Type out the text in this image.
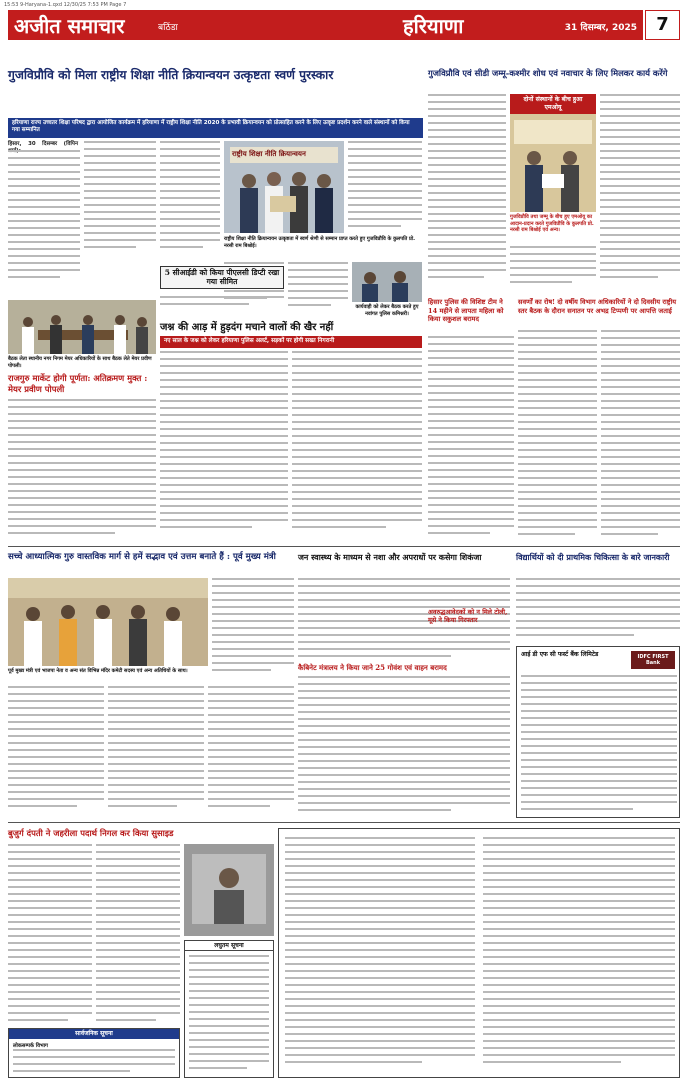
15:53 9-Haryana-1.qxd 12/30/25 7:53 PM Page 7
अजीत समाचार	बठिंडा	हरियाणा	31 दिसम्बर, 2025	7
गुजविप्रौवि को मिला राष्ट्रीय शिक्षा नीति क्रियान्वयन उत्कृष्टता स्वर्ण पुरस्कार
हरियाणा राज्य उच्चतर शिक्षा परिषद द्वारा आयोजित कार्यक्रम में हरियाणा में राष्ट्रीय शिक्षा नीति 2020 के प्रभावी क्रियान्वयन को प्रोत्साहित करने के लिए उत्कृष्ट प्रदर्शन करने वाले संस्थानों को किया गया सम्मानित
हिसार, 30 दिसम्बर (विपिन
राष्ट्रीय शिक्षा नीति क्रियान्वयन
राष्ट्रीय शिक्षा नीति क्रियान्वयन उत्कृष्टता में स्वर्ण श्रेणी से सम्मान प्राप्त करते हुए गुजविप्रौवि के कुलपति प्रो. नरसी राम बिश्नोई।
5 सीआईडी को किया पीएलसी डिप्टी रखा गया सीमित
कार्यवाही को लेकर बैठक करते हुए नवांगत पुलिस कमिश्नरी।
गुजविप्रौवि एवं सीडी जम्मू-कश्मीर शोध एवं नवाचार के लिए मिलकर कार्य करेंगे
दोनों संस्थानों के बीच हुआ एमओयू
गुजविप्रौवि तथा जम्मू के बीच हुए एमओयू का आदान-प्रदान करते गुजविप्रौवि के कुलपति प्रो. नरसी राम बिश्नोई एवं अन्य।
बैठक लेता स्थानीय नगर निगम मेयर अधिकारियों के साथ बैठक लेते मेयर प्रवीण पोपली।
राजगुरु मार्केट होगी पूर्णता: अतिक्रमण मुक्त : मेयर प्रवीण पोपली
जश्न की आड़ में हुड़दंग मचाने वालों की खैर नहीं
नए साल के जश्न को लेकर हरियाणा पुलिस अलर्ट, सड़कों पर होगी सख्त निगरानी
हिसार पुलिस की विशिष्ट टीम ने 14 महीने से लापता महिला को किया सकुशल बरामद
सवर्णों का रोष! दो वर्षीय विभाग अधिकारियों ने दो दिवसीय राष्ट्रीय स्तर बैठक के दौरान सनातन पर अभद्र टिप्पणी पर आपत्ति जताई
सच्चे आध्यात्मिक गुरु वास्तविक मार्ग से हमें सद्भाव एवं उत्तम बनाते हैं : पूर्व मुख्य मंत्री
पूर्व मुख्य मंत्री एवं भाजपा नेता व अन्य संत विभिन्न मंदिर कमेटी सदस्य एवं अन्य अतिथियों के साथ।
जन स्वास्थ्य के माध्यम से नशा और अपराधों पर कसेगा शिकंजा
कैबिनेट मंत्रालय ने किया जाने 25 गोवंश एवं वाहन बरामद
अवरुद्धआवेदकों को न मिले टोली, मूसे ने किया गिरफ्तार
विद्यार्थियों को दी प्राथमिक चिकित्सा के बारे जानकारी
आई डी एफ सी फर्स्ट बैंक लिमिटेड	IDFC FIRST Bank
बुजुर्ग दंपती ने जहरीला पदार्थ निगल कर किया सुसाइड
सार्वजनिक सूचना
लोकसम्पर्क विभाग
लघुतम सूचना
